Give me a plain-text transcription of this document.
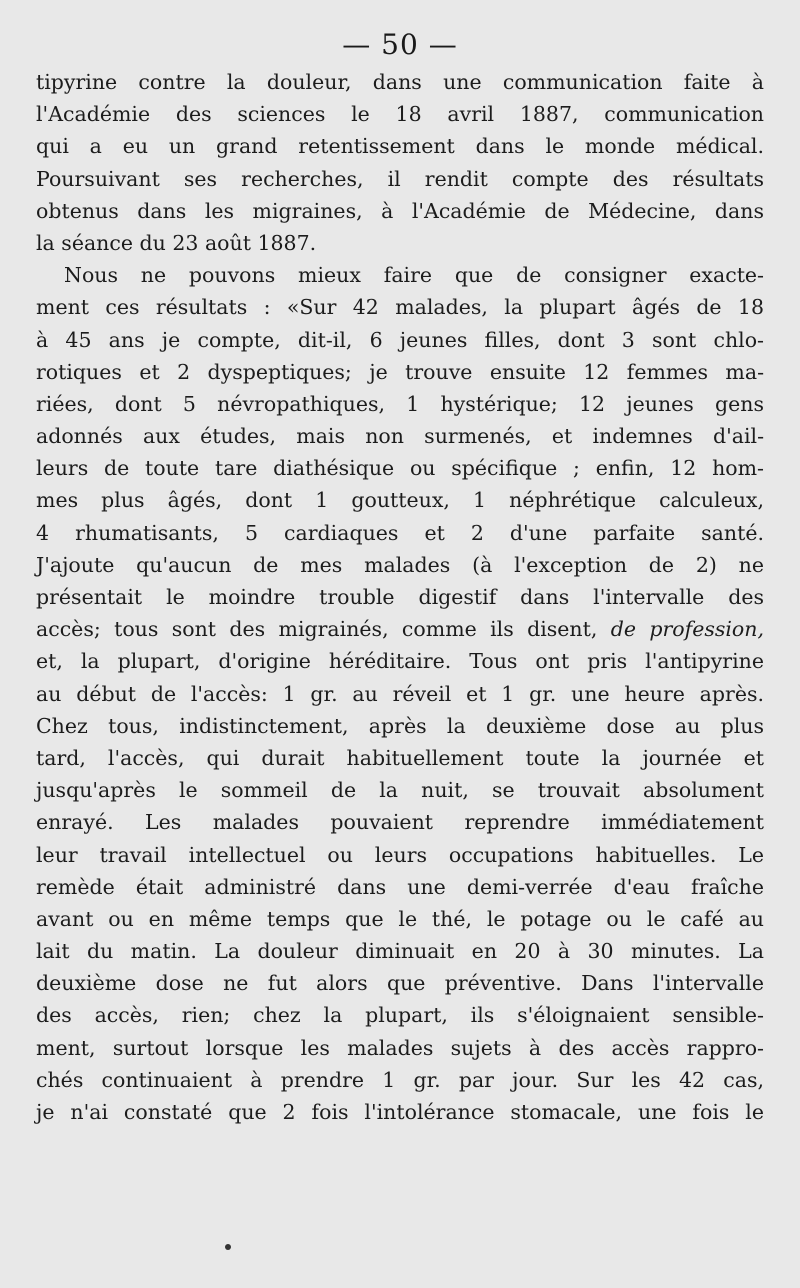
— 50 —
tipyrine contre la douleur, dans une communication faite à
l'Académie des sciences le 18 avril 1887, communication
qui a eu un grand retentissement dans le monde médical.
Poursuivant ses recherches, il rendit compte des résultats
obtenus dans les migraines, à l'Académie de Médecine, dans
la séance du 23 août 1887.
Nous ne pouvons mieux faire que de consigner exacte-
ment ces résultats : «Sur 42 malades, la plupart âgés de 18
à 45 ans je compte, dit-il, 6 jeunes filles, dont 3 sont chlo-
rotiques et 2 dyspeptiques; je trouve ensuite 12 femmes ma-
riées, dont 5 névropathiques, 1 hystérique; 12 jeunes gens
adonnés aux études, mais non surmenés, et indemnes d'ail-
leurs de toute tare diathésique ou spécifique ; enfin, 12 hom-
mes plus âgés, dont 1 goutteux, 1 néphrétique calculeux,
4 rhumatisants, 5 cardiaques et 2 d'une parfaite santé.
J'ajoute qu'aucun de mes malades (à l'exception de 2) ne
présentait le moindre trouble digestif dans l'intervalle des
accès; tous sont des migrainés, comme ils disent, de profession,
et, la plupart, d'origine héréditaire. Tous ont pris l'antipyrine
au début de l'accès: 1 gr. au réveil et 1 gr. une heure après.
Chez tous, indistinctement, après la deuxième dose au plus
tard, l'accès, qui durait habituellement toute la journée et
jusqu'après le sommeil de la nuit, se trouvait absolument
enrayé. Les malades pouvaient reprendre immédiatement
leur travail intellectuel ou leurs occupations habituelles. Le
remède était administré dans une demi-verrée d'eau fraîche
avant ou en même temps que le thé, le potage ou le café au
lait du matin. La douleur diminuait en 20 à 30 minutes. La
deuxième dose ne fut alors que préventive. Dans l'intervalle
des accès, rien; chez la plupart, ils s'éloignaient sensible-
ment, surtout lorsque les malades sujets à des accès rappro-
chés continuaient à prendre 1 gr. par jour. Sur les 42 cas,
je n'ai constaté que 2 fois l'intolérance stomacale, une fois le
